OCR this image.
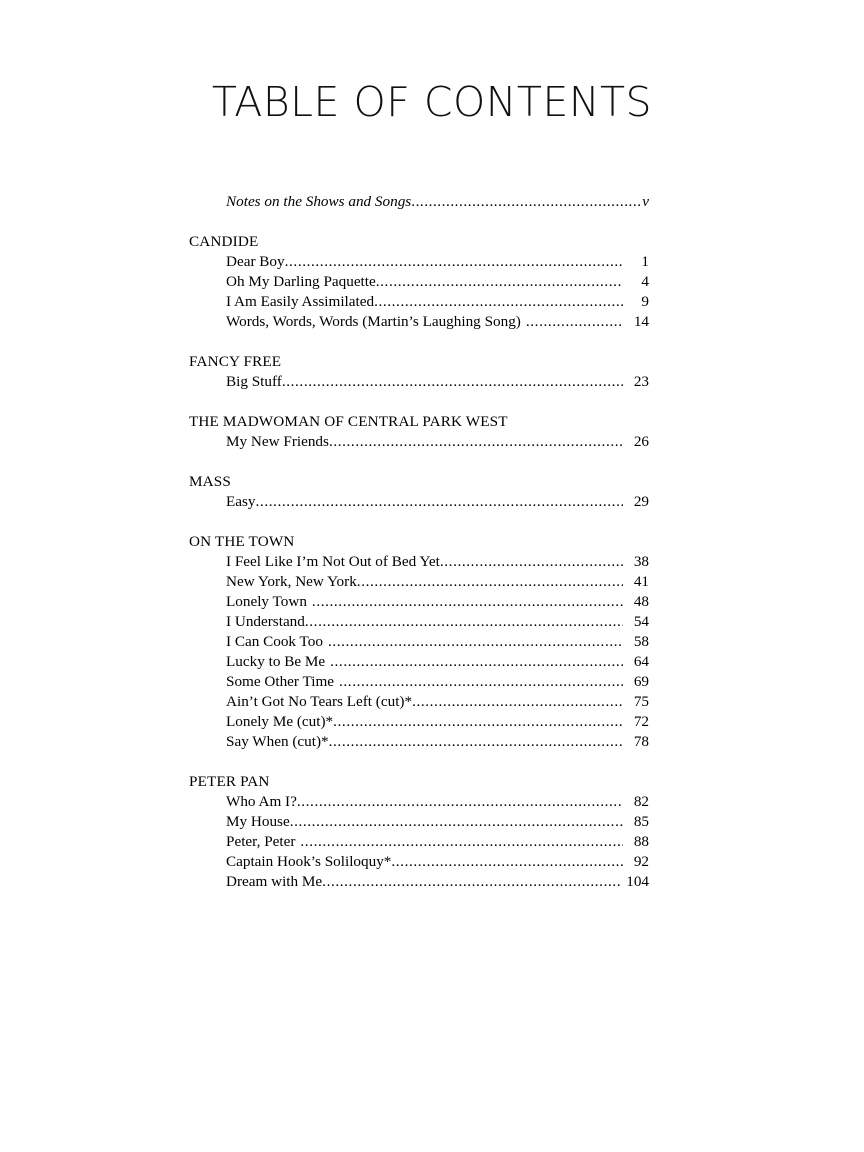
TABLE OF CONTENTS
Notes on the Shows and Songs .....	v
CANDIDE
Dear Boy .....	1
Oh My Darling Paquette .....	4
I Am Easily Assimilated .....	9
Words, Words, Words (Martin’s Laughing Song) .....	14
FANCY FREE
Big Stuff .....	23
THE MADWOMAN OF CENTRAL PARK WEST
My New Friends .....	26
MASS
Easy .....	29
ON THE TOWN
I Feel Like I’m Not Out of Bed Yet .....	38
New York, New York .....	41
Lonely Town .....	48
I Understand .....	54
I Can Cook Too .....	58
Lucky to Be Me .....	64
Some Other Time .....	69
Ain’t Got No Tears Left (cut)* .....	75
Lonely Me (cut)* .....	72
Say When (cut)* .....	78
PETER PAN
Who Am I? .....	82
My House .....	85
Peter, Peter .....	88
Captain Hook’s Soliloquy* .....	92
Dream with Me .....	104
